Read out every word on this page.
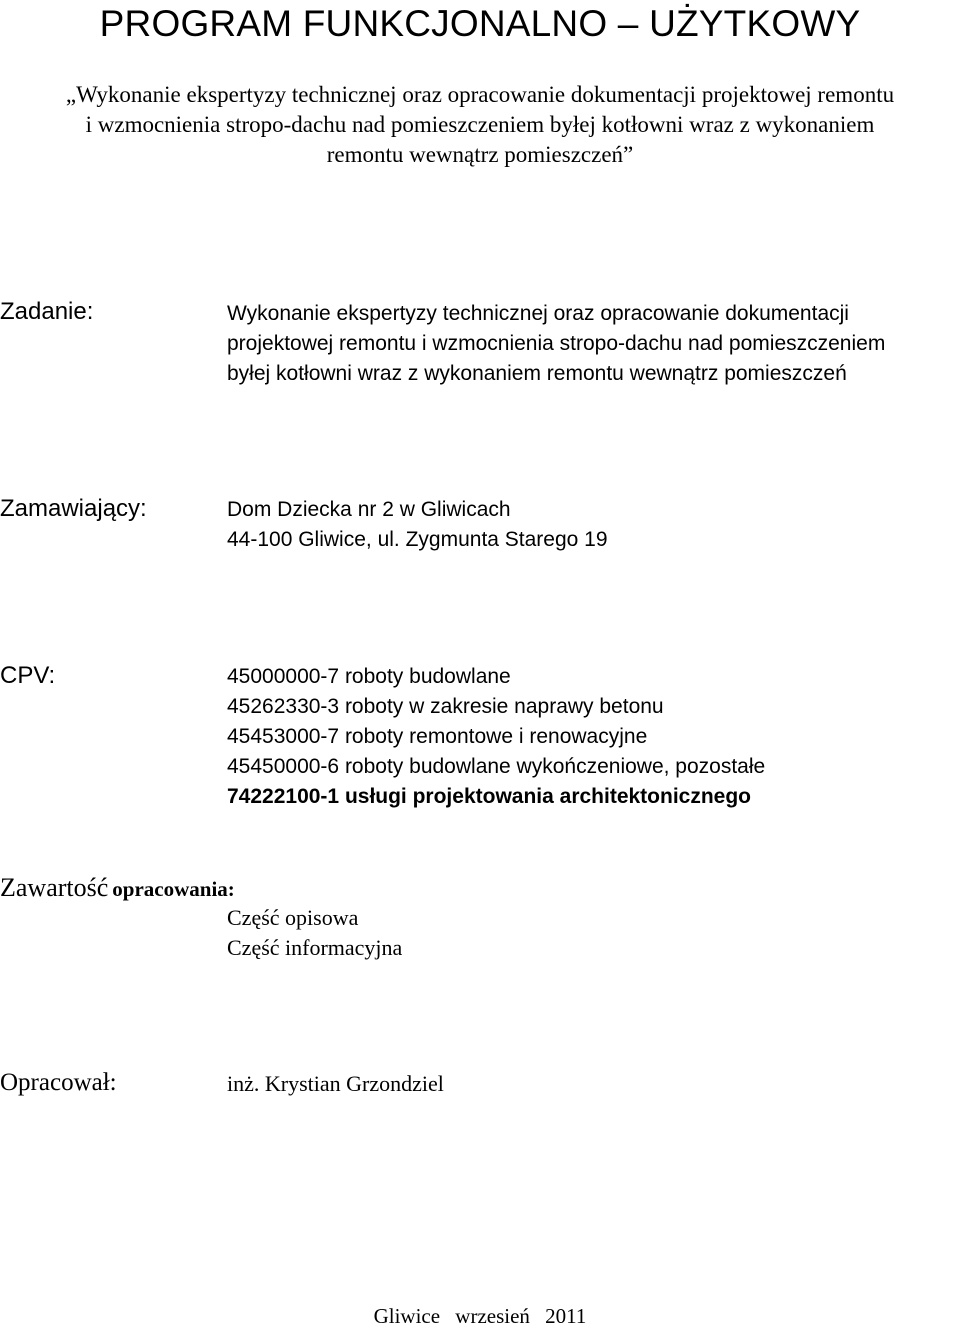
PROGRAM FUNKCJONALNO – UŻYTKOWY
„Wykonanie ekspertyzy technicznej oraz opracowanie dokumentacji projektowej remontu
i wzmocnienia stropo-dachu nad pomieszczeniem byłej kotłowni wraz z wykonaniem
remontu wewnątrz pomieszczeń”
Zadanie:	Wykonanie ekspertyzy technicznej oraz opracowanie dokumentacji
projektowej remontu i wzmocnienia stropo-dachu nad pomieszczeniem
byłej kotłowni wraz z wykonaniem remontu wewnątrz pomieszczeń
Zamawiający:	Dom Dziecka nr 2 w Gliwicach
44-100 Gliwice, ul. Zygmunta Starego 19
CPV:	45000000-7 roboty budowlane
45262330-3 roboty w zakresie naprawy betonu
45453000-7 roboty remontowe i renowacyjne
45450000-6 roboty budowlane wykończeniowe, pozostałe
74222100-1 usługi projektowania architektonicznego
Zawartość opracowania:
Część opisowa
Część informacyjna
Opracował:	inż. Krystian Grzondziel
Gliwice wrzesień 2011
